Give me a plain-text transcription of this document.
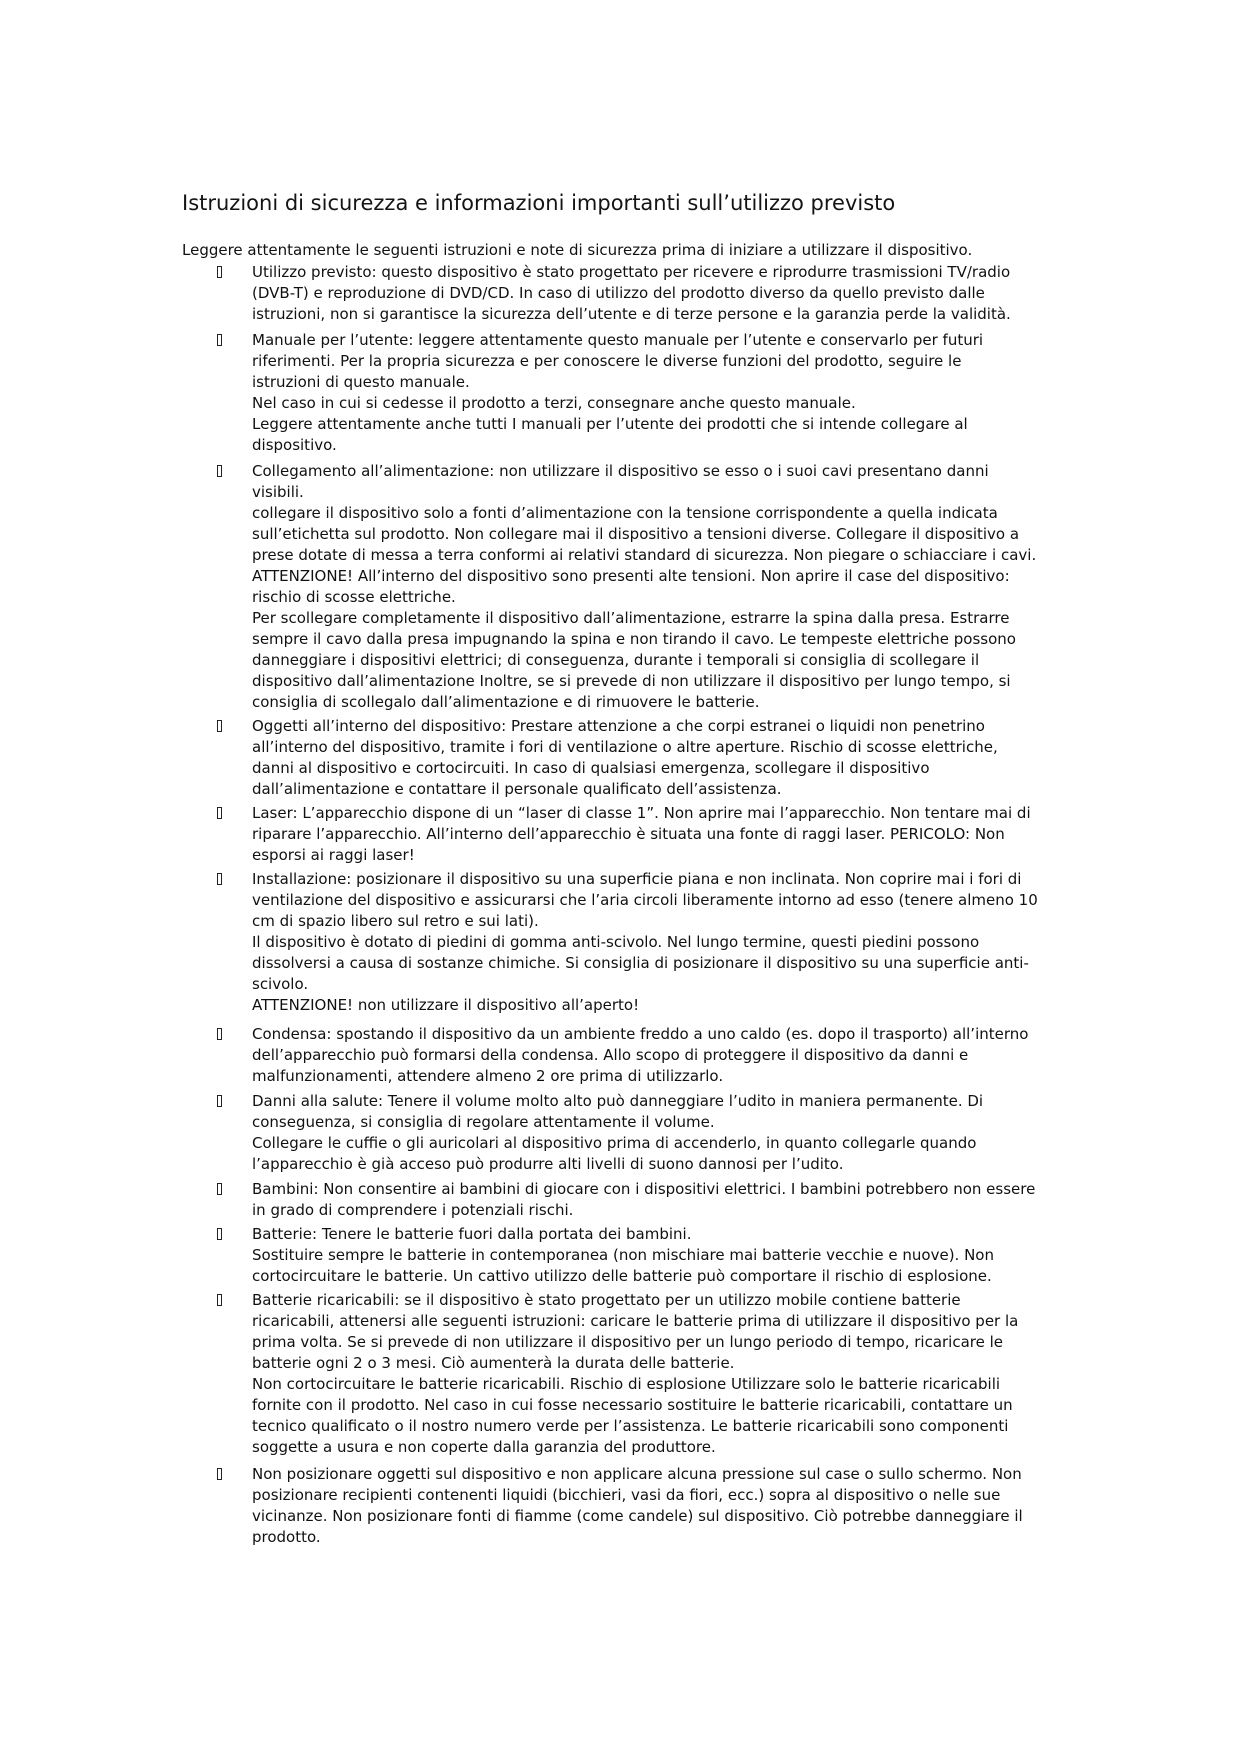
Istruzioni di sicurezza e informazioni importanti sull’utilizzo previsto

Leggere attentamente le seguenti istruzioni e note di sicurezza prima di iniziare a utilizzare il dispositivo.

Utilizzo previsto: questo dispositivo è stato progettato per ricevere e riprodurre trasmissioni TV/radio
(DVB-T) e reproduzione di DVD/CD. In caso di utilizzo del prodotto diverso da quello previsto dalle
istruzioni, non si garantisce la sicurezza dell’utente e di terze persone e la garanzia perde la validità.
Manuale per l’utente: leggere attentamente questo manuale per l’utente e conservarlo per futuri
riferimenti. Per la propria sicurezza e per conoscere le diverse funzioni del prodotto, seguire le
istruzioni di questo manuale.
Nel caso in cui si cedesse il prodotto a terzi, consegnare anche questo manuale.
Leggere attentamente anche tutti I manuali per l’utente dei prodotti che si intende collegare al
dispositivo.
Collegamento all’alimentazione: non utilizzare il dispositivo se esso o i suoi cavi presentano danni
visibili.
collegare il dispositivo solo a fonti d’alimentazione con la tensione corrispondente a quella indicata
sull’etichetta sul prodotto. Non collegare mai il dispositivo a tensioni diverse. Collegare il dispositivo a
prese dotate di messa a terra conformi ai relativi standard di sicurezza. Non piegare o schiacciare i cavi.
ATTENZIONE! All’interno del dispositivo sono presenti alte tensioni. Non aprire il case del dispositivo:
rischio di scosse elettriche.
Per scollegare completamente il dispositivo dall’alimentazione, estrarre la spina dalla presa. Estrarre
sempre il cavo dalla presa impugnando la spina e non tirando il cavo. Le tempeste elettriche possono
danneggiare i dispositivi elettrici; di conseguenza, durante i temporali si consiglia di scollegare il
dispositivo dall’alimentazione Inoltre, se si prevede di non utilizzare il dispositivo per lungo tempo, si
consiglia di scollegalo dall’alimentazione e di rimuovere le batterie.
Oggetti all’interno del dispositivo: Prestare attenzione a che corpi estranei o liquidi non penetrino
all’interno del dispositivo, tramite i fori di ventilazione o altre aperture. Rischio di scosse elettriche,
danni al dispositivo e cortocircuiti. In caso di qualsiasi emergenza, scollegare il dispositivo
dall’alimentazione e contattare il personale qualificato dell’assistenza.
Laser: L’apparecchio dispone di un “laser di classe 1”. Non aprire mai l’apparecchio. Non tentare mai di
riparare l’apparecchio. All’interno dell’apparecchio è situata una fonte di raggi laser. PERICOLO: Non
esporsi ai raggi laser!
Installazione: posizionare il dispositivo su una superficie piana e non inclinata. Non coprire mai i fori di
ventilazione del dispositivo e assicurarsi che l’aria circoli liberamente intorno ad esso (tenere almeno 10
cm di spazio libero sul retro e sui lati).
Il dispositivo è dotato di piedini di gomma anti-scivolo. Nel lungo termine, questi piedini possono
dissolversi a causa di sostanze chimiche. Si consiglia di posizionare il dispositivo su una superficie anti-
scivolo.
ATTENZIONE! non utilizzare il dispositivo all’aperto!
Condensa: spostando il dispositivo da un ambiente freddo a uno caldo (es. dopo il trasporto) all’interno
dell’apparecchio può formarsi della condensa. Allo scopo di proteggere il dispositivo da danni e
malfunzionamenti, attendere almeno 2 ore prima di utilizzarlo.
Danni alla salute: Tenere il volume molto alto può danneggiare l’udito in maniera permanente. Di
conseguenza, si consiglia di regolare attentamente il volume.
Collegare le cuffie o gli auricolari al dispositivo prima di accenderlo, in quanto collegarle quando
l’apparecchio è già acceso può produrre alti livelli di suono dannosi per l’udito.
Bambini: Non consentire ai bambini di giocare con i dispositivi elettrici. I bambini potrebbero non essere
in grado di comprendere i potenziali rischi.
Batterie: Tenere le batterie fuori dalla portata dei bambini.
Sostituire sempre le batterie in contemporanea (non mischiare mai batterie vecchie e nuove). Non
cortocircuitare le batterie. Un cattivo utilizzo delle batterie può comportare il rischio di esplosione.
Batterie ricaricabili: se il dispositivo è stato progettato per un utilizzo mobile contiene batterie
ricaricabili, attenersi alle seguenti istruzioni: caricare le batterie prima di utilizzare il dispositivo per la
prima volta. Se si prevede di non utilizzare il dispositivo per un lungo periodo di tempo, ricaricare le
batterie ogni 2 o 3 mesi. Ciò aumenterà la durata delle batterie.
Non cortocircuitare le batterie ricaricabili. Rischio di esplosione Utilizzare solo le batterie ricaricabili
fornite con il prodotto. Nel caso in cui fosse necessario sostituire le batterie ricaricabili, contattare un
tecnico qualificato o il nostro numero verde per l’assistenza. Le batterie ricaricabili sono componenti
soggette a usura e non coperte dalla garanzia del produttore.
Non posizionare oggetti sul dispositivo e non applicare alcuna pressione sul case o sullo schermo. Non
posizionare recipienti contenenti liquidi (bicchieri, vasi da fiori, ecc.) sopra al dispositivo o nelle sue
vicinanze. Non posizionare fonti di fiamme (come candele) sul dispositivo. Ciò potrebbe danneggiare il
prodotto.
